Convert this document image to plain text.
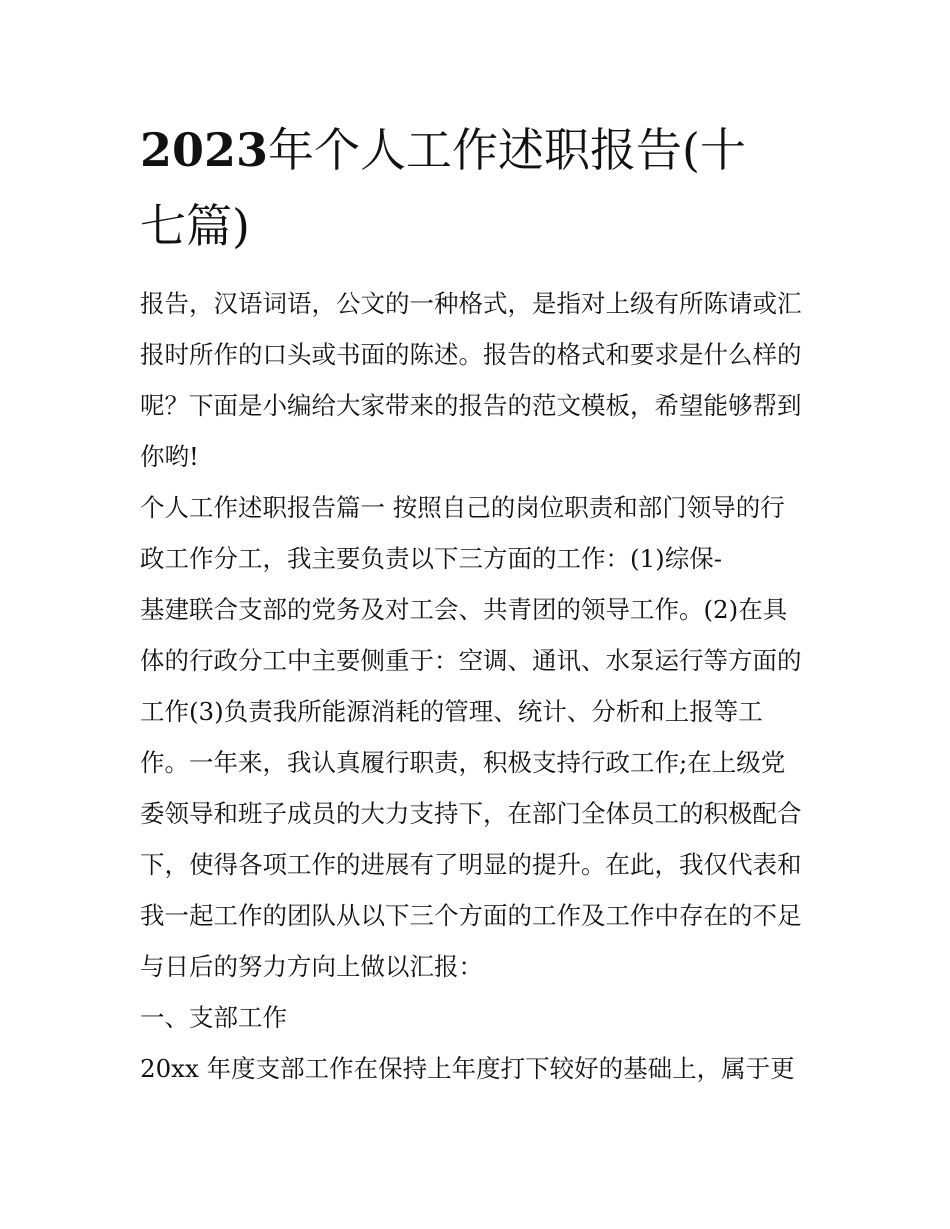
2023年个人工作述职报告(十
七篇)
报告，汉语词语，公文的一种格式，是指对上级有所陈请或汇
报时所作的口头或书面的陈述。报告的格式和要求是什么样的
呢？下面是小编给大家带来的报告的范文模板，希望能够帮到
你哟!
个人工作述职报告篇一 按照自己的岗位职责和部门领导的行
政工作分工，我主要负责以下三方面的工作：(1)综保-
基建联合支部的党务及对工会、共青团的领导工作。(2)在具
体的行政分工中主要侧重于：空调、通讯、水泵运行等方面的
工作(3)负责我所能源消耗的管理、统计、分析和上报等工
作。一年来，我认真履行职责，积极支持行政工作;在上级党
委领导和班子成员的大力支持下，在部门全体员工的积极配合
下，使得各项工作的进展有了明显的提升。在此，我仅代表和
我一起工作的团队从以下三个方面的工作及工作中存在的不足
与日后的努力方向上做以汇报：
一、支部工作
20xx 年度支部工作在保持上年度打下较好的基础上，属于更
